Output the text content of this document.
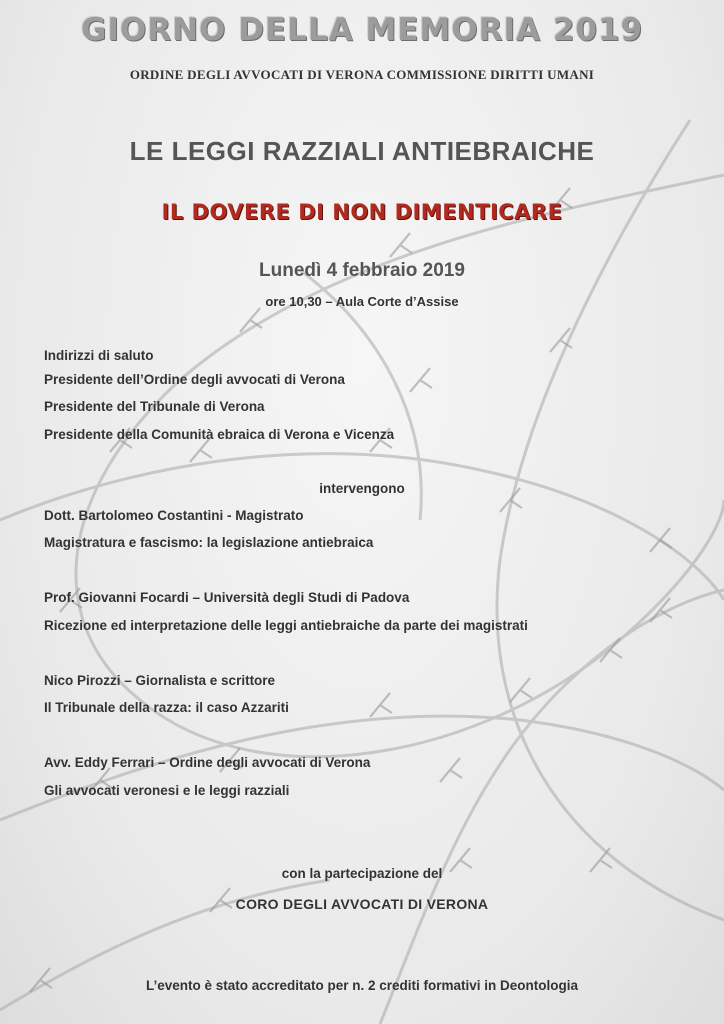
GIORNO DELLA MEMORIA 2019
ORDINE DEGLI AVVOCATI DI VERONA COMMISSIONE DIRITTI UMANI
LE LEGGI RAZZIALI ANTIEBRAICHE
IL DOVERE DI NON DIMENTICARE
Lunedì 4 febbraio 2019
ore 10,30 – Aula Corte d’Assise
Indirizzi di saluto
Presidente dell’Ordine degli avvocati di Verona
Presidente del Tribunale di Verona
Presidente della Comunità ebraica di Verona e Vicenza
intervengono
Dott. Bartolomeo Costantini - Magistrato
Magistratura e fascismo: la legislazione antiebraica
Prof. Giovanni Focardi – Università degli Studi di Padova
Ricezione ed interpretazione delle leggi antiebraiche da parte dei magistrati
Nico Pirozzi – Giornalista e scrittore
Il Tribunale della razza: il caso Azzariti
Avv. Eddy Ferrari – Ordine degli avvocati di Verona
Gli avvocati veronesi e le leggi razziali
con la partecipazione del
CORO DEGLI AVVOCATI DI VERONA
L’evento è stato accreditato per n. 2 crediti formativi in Deontologia
